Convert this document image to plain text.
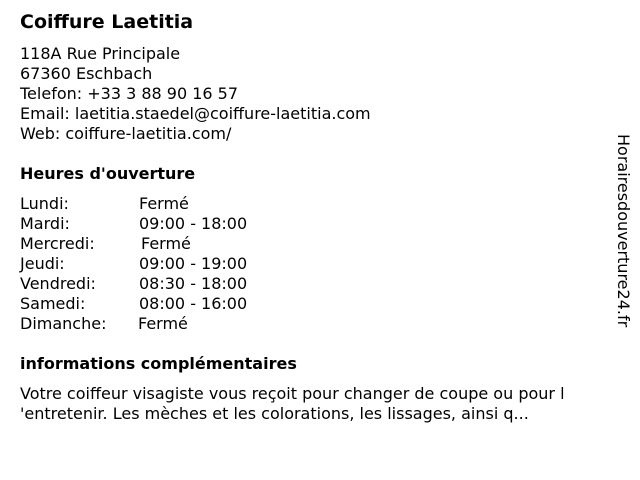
Coiffure Laetitia
118A Rue Principale
67360 Eschbach
Telefon: +33 3 88 90 16 57
Email: laetitia.staedel@coiffure-laetitia.com
Web: coiffure-laetitia.com/
Heures d'ouverture
Lundi:	Fermé
Mardi:	09:00 - 18:00
Mercredi:	Fermé
Jeudi:	09:00 - 19:00
Vendredi:	08:30 - 18:00
Samedi:	08:00 - 16:00
Dimanche: Fermé
informations complémentaires
Votre coiffeur visagiste vous reçoit pour changer de coupe ou pour l
'entretenir. Les mèches et les colorations, les lissages, ainsi q...
Horairesdouverture24.fr
